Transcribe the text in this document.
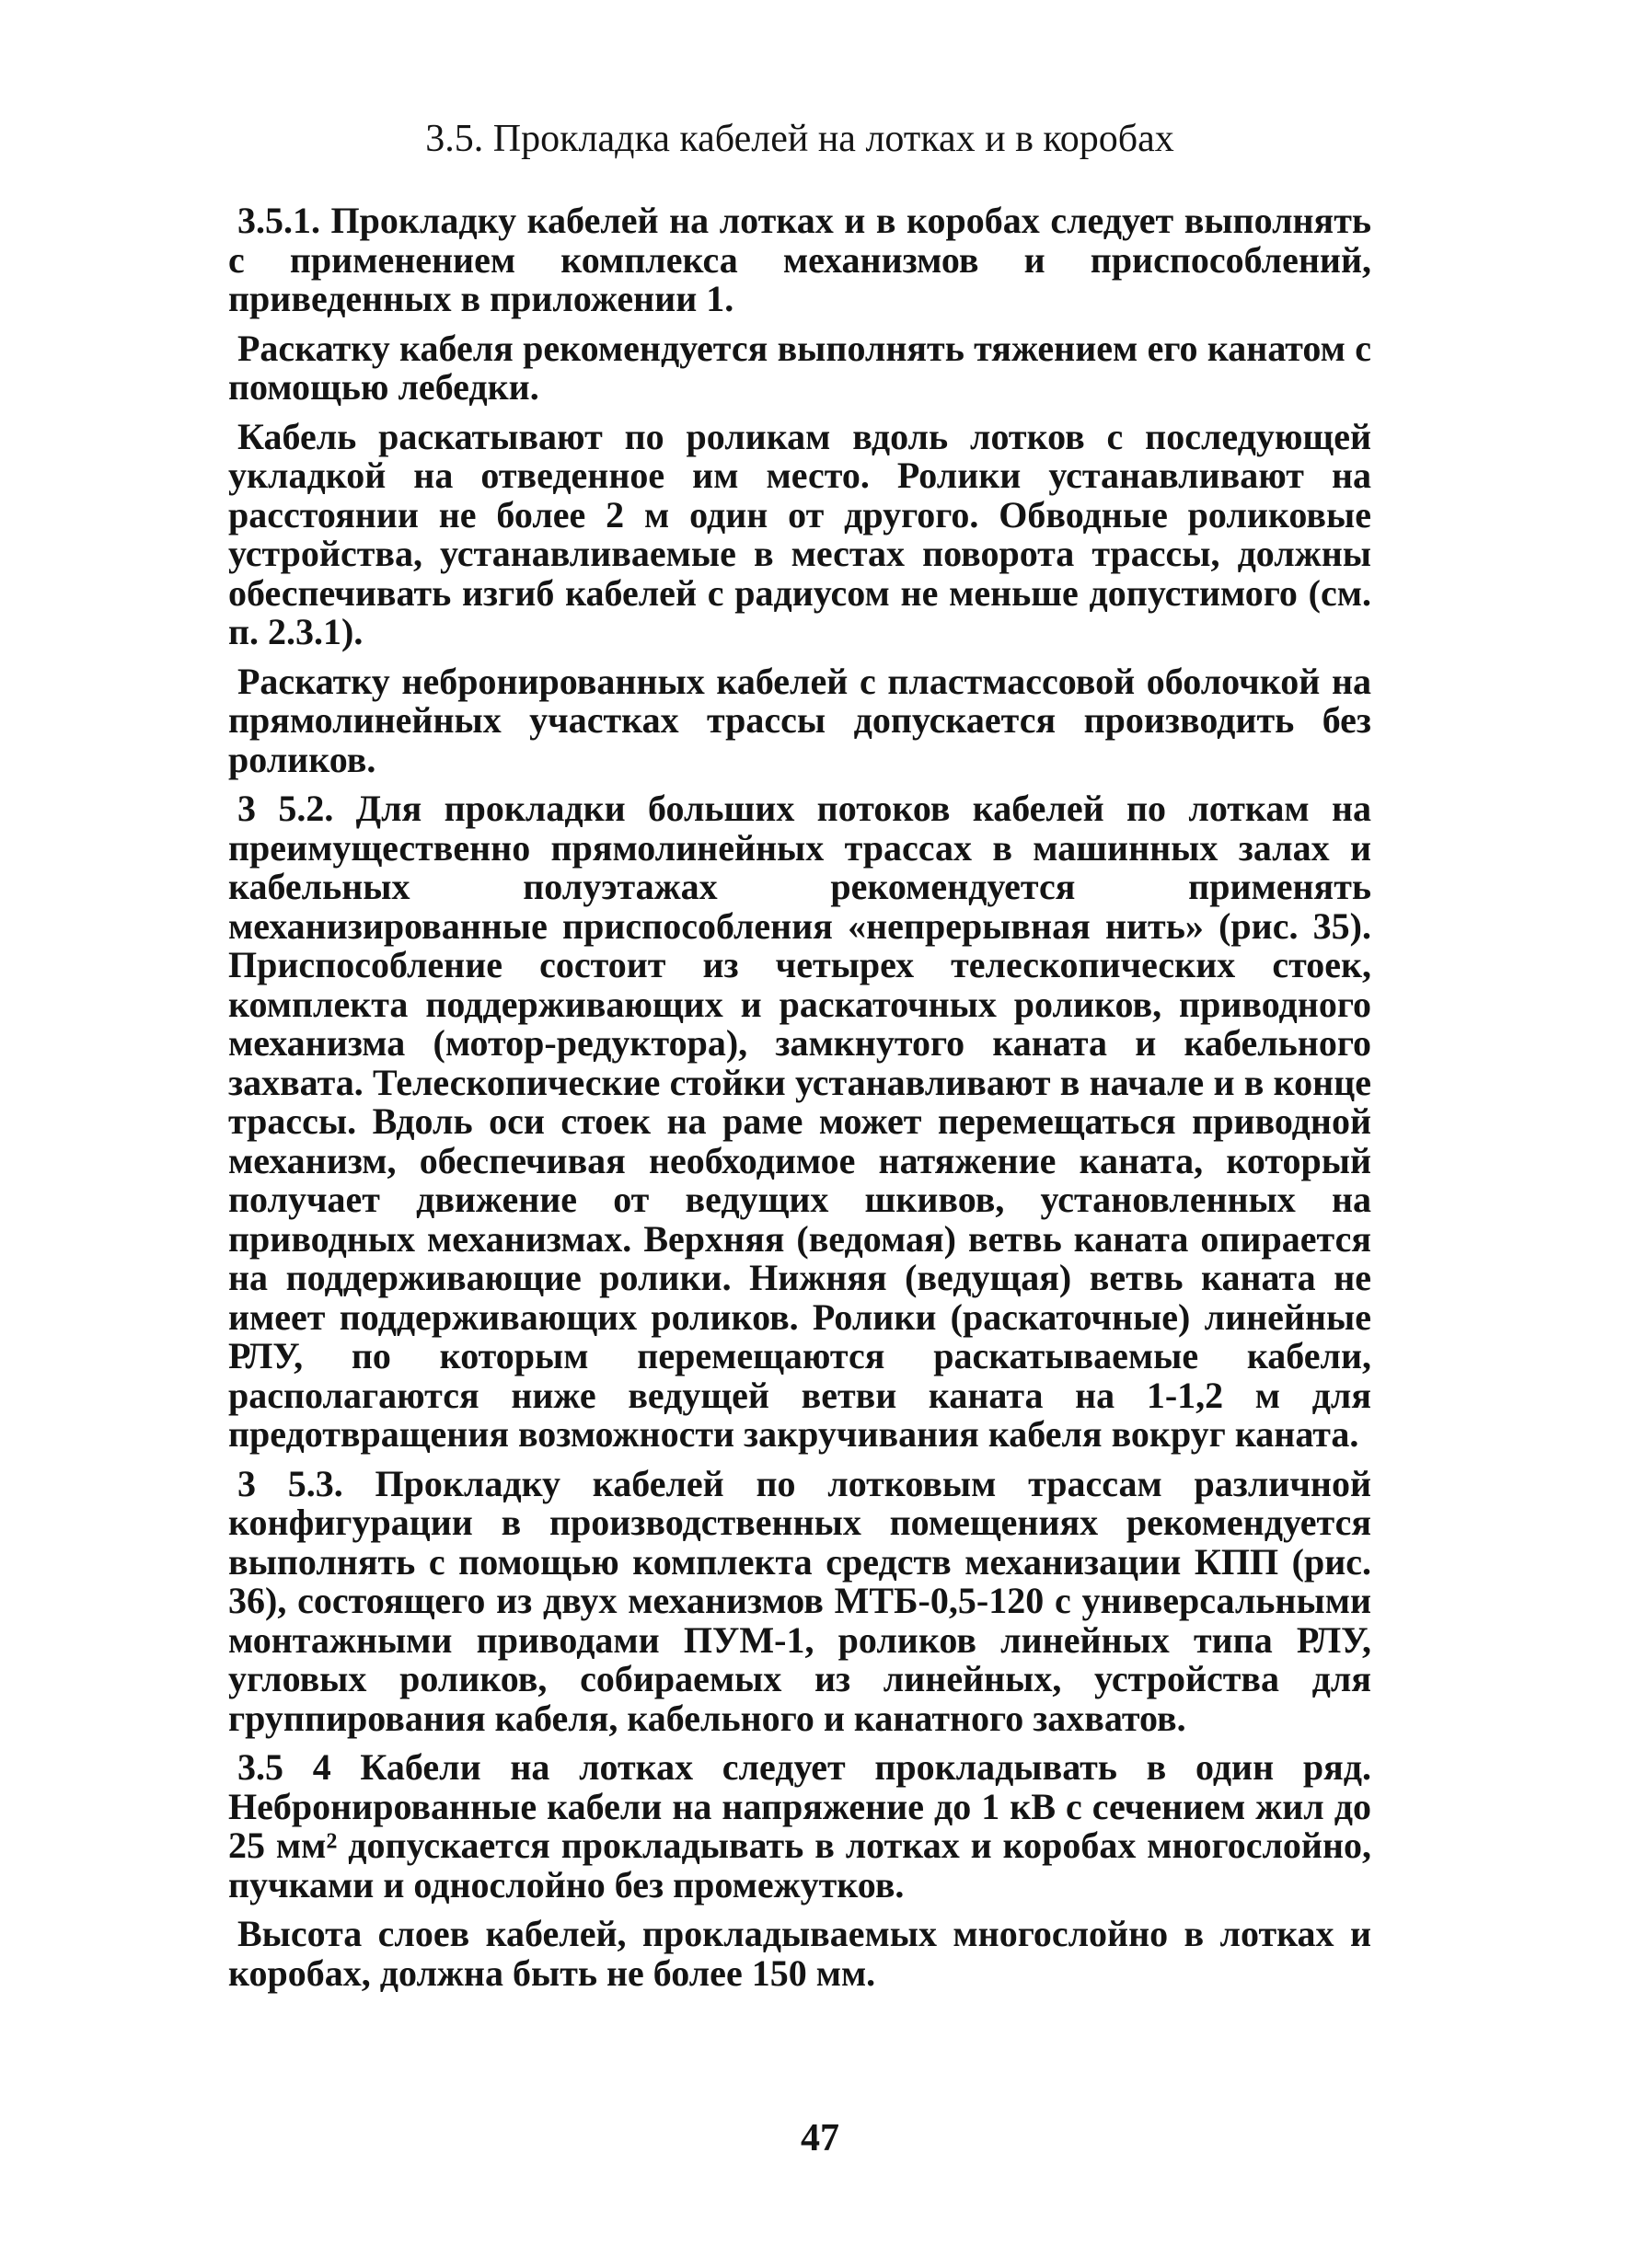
3.5. Прокладка кабелей на лотках и в коробах

3.5.1. Прокладку кабелей на лотках и в коробах следует выполнять с применением комплекса механизмов и приспособлений, приведенных в приложении 1.

Раскатку кабеля рекомендуется выполнять тяжением его канатом с помощью лебедки.

Кабель раскатывают по роликам вдоль лотков с последующей укладкой на отведенное им место. Ролики устанавливают на расстоянии не более 2 м один от другого. Обводные роликовые устройства, устанавливаемые в местах поворота трассы, должны обеспечивать изгиб кабелей с радиусом не меньше допустимого (см. п. 2.3.1).

Раскатку небронированных кабелей с пластмассовой оболочкой на прямолинейных участках трассы допускается производить без роликов.

3 5.2. Для прокладки больших потоков кабелей по лоткам на преимущественно прямолинейных трассах в машинных залах и кабельных полуэтажах рекомендуется применять механизированные приспособления «непрерывная нить» (рис. 35). Приспособление состоит из четырех телескопических стоек, комплекта поддерживающих и раскаточных роликов, приводного механизма (мотор-редуктора), замкнутого каната и кабельного захвата. Телескопические стойки устанавливают в начале и в конце трассы. Вдоль оси стоек на раме может перемещаться приводной механизм, обеспечивая необходимое натяжение каната, который получает движение от ведущих шкивов, установленных на приводных механизмах. Верхняя (ведомая) ветвь каната опирается на поддерживающие ролики. Нижняя (ведущая) ветвь каната не имеет поддерживающих роликов. Ролики (раскаточные) линейные РЛУ, по которым перемещаются раскатываемые кабели, располагаются ниже ведущей ветви каната на 1-1,2 м для предотвращения возможности закручивания кабеля вокруг каната.

3 5.3. Прокладку кабелей по лотковым трассам различной конфигурации в производственных помещениях рекомендуется выполнять с помощью комплекта средств механизации КПП (рис. 36), состоящего из двух механизмов МТБ-0,5-120 с универсальными монтажными приводами ПУМ-1, роликов линейных типа РЛУ, угловых роликов, собираемых из линейных, устройства для группирования кабеля, кабельного и канатного захватов.

3.5 4 Кабели на лотках следует прокладывать в один ряд. Небронированные кабели на напряжение до 1 кВ с сечением жил до 25 мм² допускается прокладывать в лотках и коробах многослойно, пучками и однослойно без промежутков.

Высота слоев кабелей, прокладываемых многослойно в лотках и коробах, должна быть не более 150 мм.

47
